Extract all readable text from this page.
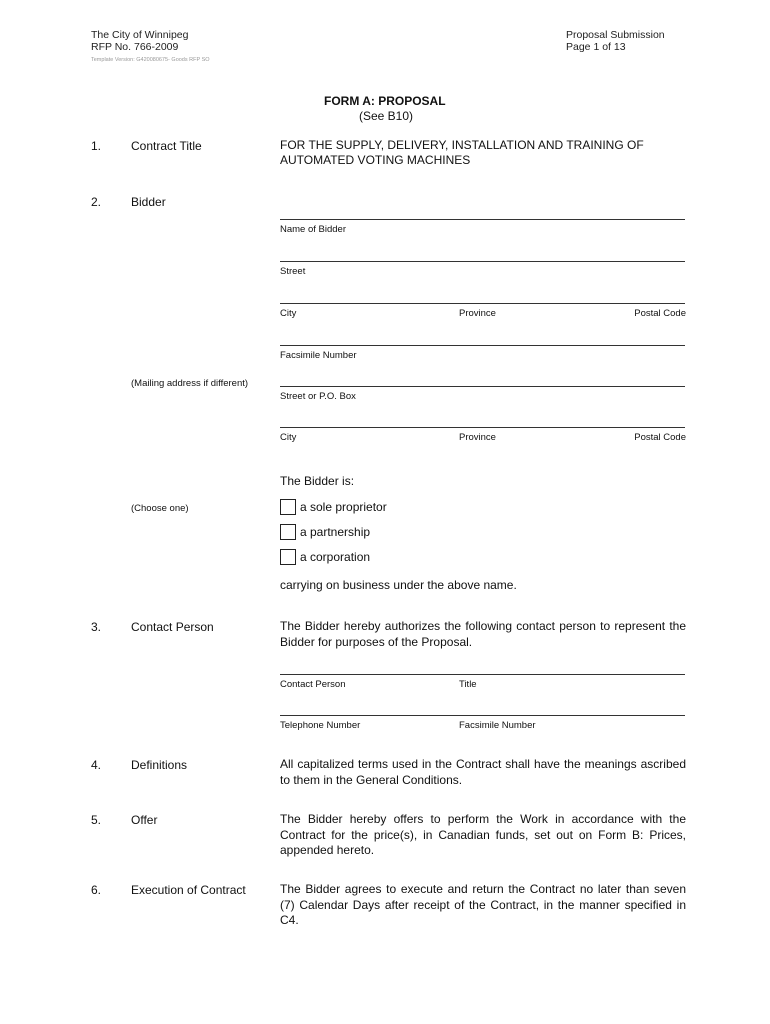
The City of Winnipeg
RFP No. 766-2009
Template Version: G420080675- Goods RFP SO
Proposal Submission
Page 1 of 13
FORM A: PROPOSAL
(See B10)
1. Contract Title	FOR THE SUPPLY, DELIVERY, INSTALLATION AND TRAINING OF
AUTOMATED VOTING MACHINES
2. Bidder
Name of Bidder
Street
City	Province	Postal Code
Facsimile Number
(Mailing address if different)
Street or P.O. Box
City	Province	Postal Code
The Bidder is:
(Choose one)	a sole proprietor
a partnership
a corporation
carrying on business under the above name.
3. Contact Person	The Bidder hereby authorizes the following contact person to represent the Bidder for purposes of the Proposal.
Contact Person	Title
Telephone Number	Facsimile Number
4. Definitions	All capitalized terms used in the Contract shall have the meanings ascribed to them in the General Conditions.
5. Offer	The Bidder hereby offers to perform the Work in accordance with the Contract for the price(s), in Canadian funds, set out on Form B: Prices, appended hereto.
6. Execution of Contract	The Bidder agrees to execute and return the Contract no later than seven (7) Calendar Days after receipt of the Contract, in the manner specified in C4.
